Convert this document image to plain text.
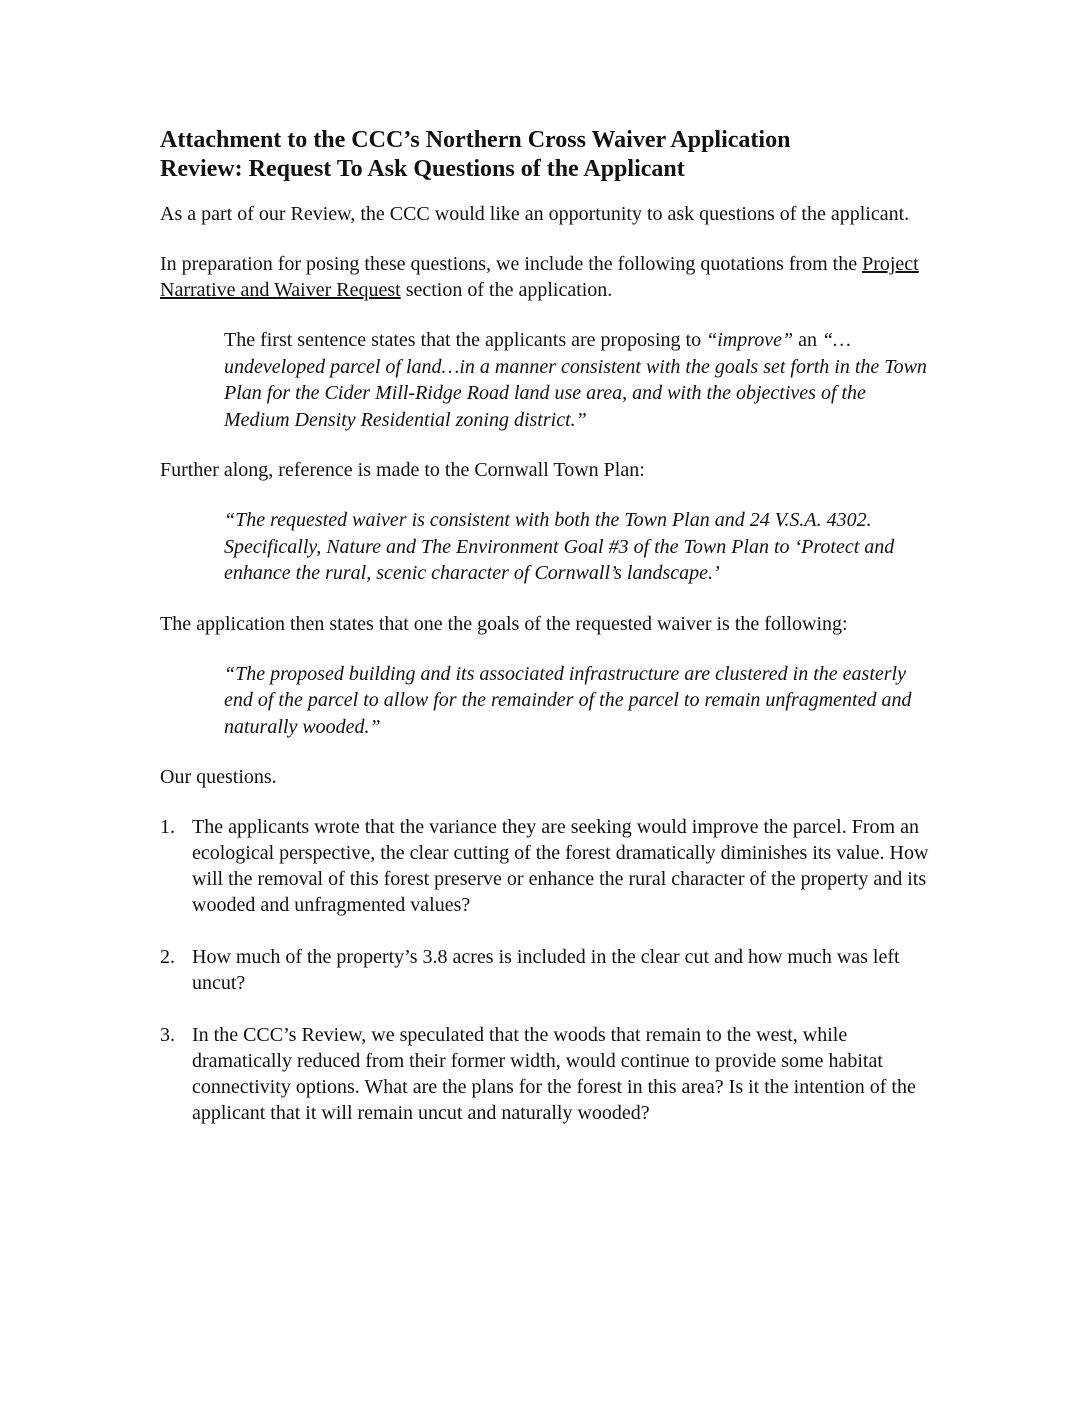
Attachment to the CCC’s Northern Cross Waiver Application
Review: Request To Ask Questions of the Applicant

As a part of our Review, the CCC would like an opportunity to ask questions of the applicant.

In preparation for posing these questions, we include the following quotations from the Project Narrative and Waiver Request section of the application.

The first sentence states that the applicants are proposing to “improve” an “…undeveloped parcel of land…in a manner consistent with the goals set forth in the Town Plan for the Cider Mill-Ridge Road land use area, and with the objectives of the Medium Density Residential zoning district.”

Further along, reference is made to the Cornwall Town Plan:

“The requested waiver is consistent with both the Town Plan and 24 V.S.A. 4302. Specifically, Nature and The Environment Goal #3 of the Town Plan to ‘Protect and enhance the rural, scenic character of Cornwall’s landscape.’

The application then states that one the goals of the requested waiver is the following:

“The proposed building and its associated infrastructure are clustered in the easterly end of the parcel to allow for the remainder of the parcel to remain unfragmented and naturally wooded.”

Our questions.

1. The applicants wrote that the variance they are seeking would improve the parcel. From an ecological perspective, the clear cutting of the forest dramatically diminishes its value. How will the removal of this forest preserve or enhance the rural character of the property and its wooded and unfragmented values?
2. How much of the property’s 3.8 acres is included in the clear cut and how much was left uncut?
3. In the CCC’s Review, we speculated that the woods that remain to the west, while dramatically reduced from their former width, would continue to provide some habitat connectivity options. What are the plans for the forest in this area? Is it the intention of the applicant that it will remain uncut and naturally wooded?
